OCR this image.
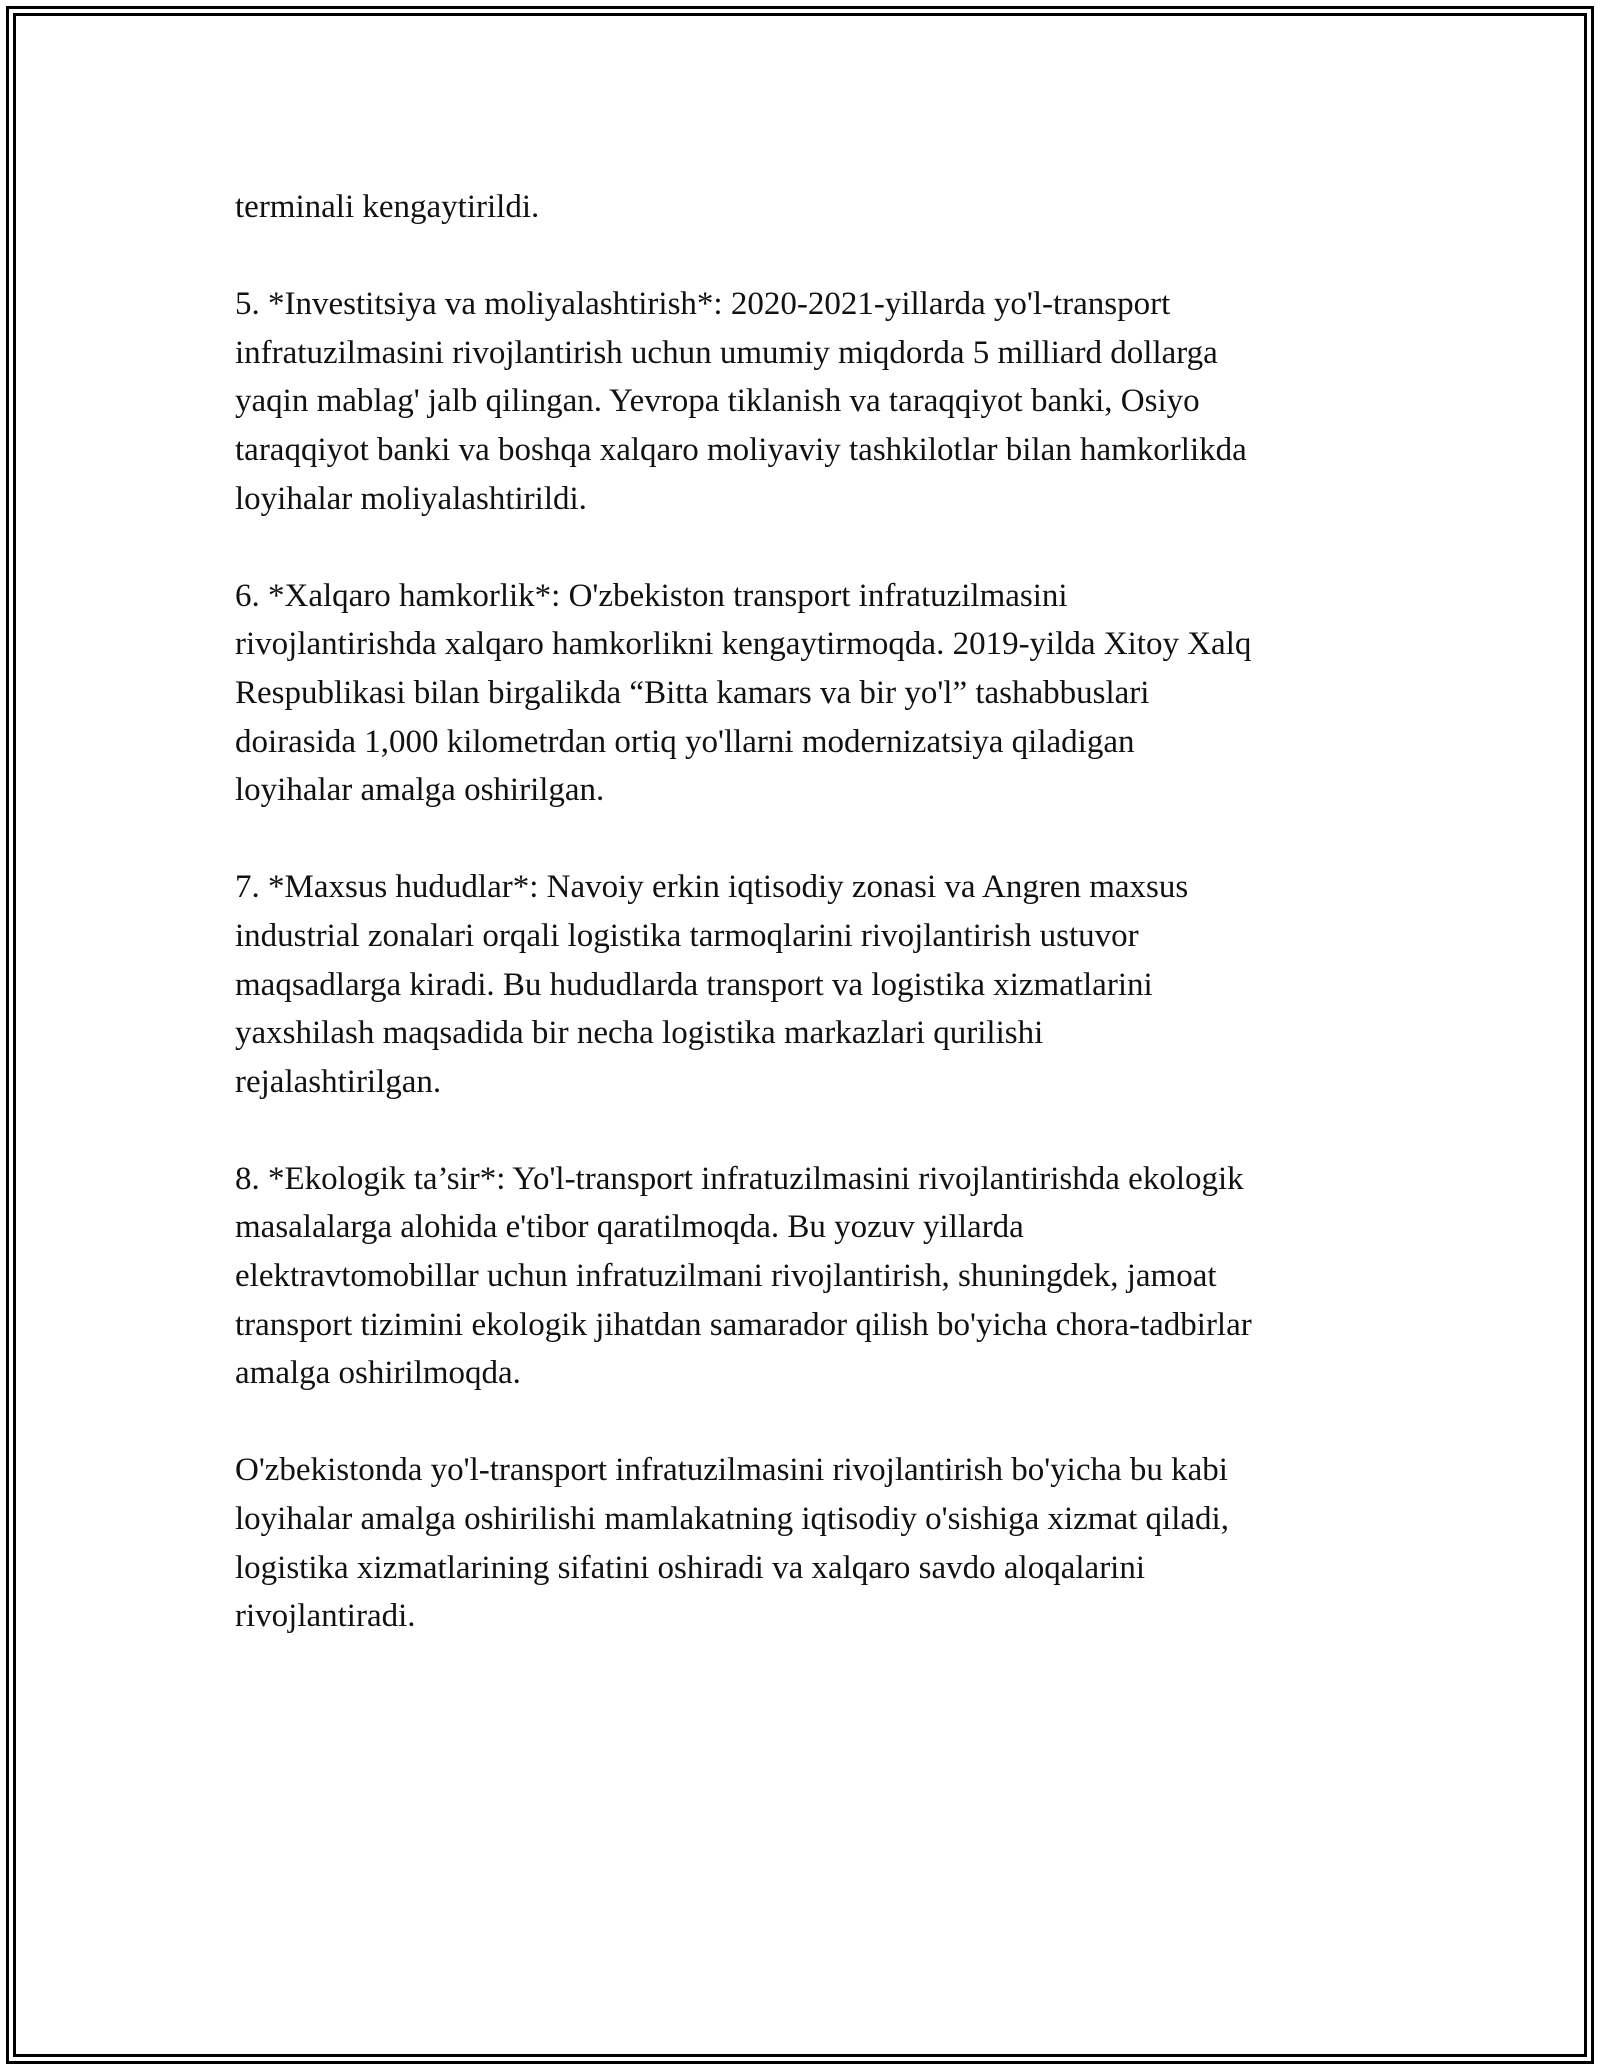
terminali kengaytirildi.

5. *Investitsiya va moliyalashtirish*: 2020-2021-yillarda yo'l-transport
infratuzilmasini rivojlantirish uchun umumiy miqdorda 5 milliard dollarga
yaqin mablag' jalb qilingan. Yevropa tiklanish va taraqqiyot banki, Osiyo
taraqqiyot banki va boshqa xalqaro moliyaviy tashkilotlar bilan hamkorlikda
loyihalar moliyalashtirildi.

6. *Xalqaro hamkorlik*: O'zbekiston transport infratuzilmasini
rivojlantirishda xalqaro hamkorlikni kengaytirmoqda. 2019-yilda Xitoy Xalq
Respublikasi bilan birgalikda “Bitta kamars va bir yo'l” tashabbuslari
doirasida 1,000 kilometrdan ortiq yo'llarni modernizatsiya qiladigan
loyihalar amalga oshirilgan.

7. *Maxsus hududlar*: Navoiy erkin iqtisodiy zonasi va Angren maxsus
industrial zonalari orqali logistika tarmoqlarini rivojlantirish ustuvor
maqsadlarga kiradi. Bu hududlarda transport va logistika xizmatlarini
yaxshilash maqsadida bir necha logistika markazlari qurilishi
rejalashtirilgan.

8. *Ekologik ta’sir*: Yo'l-transport infratuzilmasini rivojlantirishda ekologik
masalalarga alohida e'tibor qaratilmoqda. Bu yozuv yillarda
elektravtomobillar uchun infratuzilmani rivojlantirish, shuningdek, jamoat
transport tizimini ekologik jihatdan samarador qilish bo'yicha chora-tadbirlar
amalga oshirilmoqda.

O'zbekistonda yo'l-transport infratuzilmasini rivojlantirish bo'yicha bu kabi
loyihalar amalga oshirilishi mamlakatning iqtisodiy o'sishiga xizmat qiladi,
logistika xizmatlarining sifatini oshiradi va xalqaro savdo aloqalarini
rivojlantiradi.
